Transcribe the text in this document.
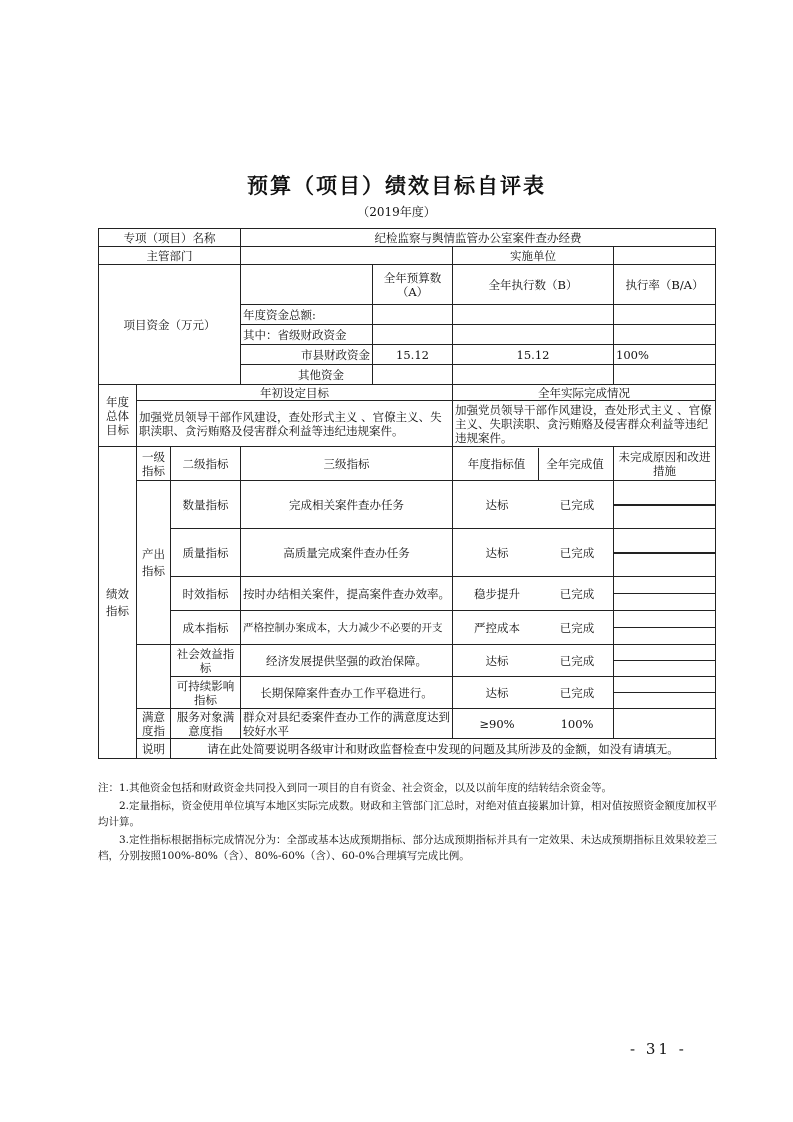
预算（项目）绩效目标自评表
（2019年度）
专项（项目）名称			纪检监察与舆情监管办公室案件查办经费			
主管部门					实施单位	
项目资金（万元）				全年预算数（A）	全年执行数（B）	执行率（B/A）
			年度资金总额:			
			其中：省级财政资金			
			市县财政资金	15.12	15.12	100%
			其他资金			
年度总体目标	年初设定目标				全年实际完成情况	
	加强党员领导干部作风建设，查处形式主义 、官僚主义、失职渎职、贪污贿赂及侵害群众利益等违纪违规案件。				加强党员领导干部作风建设，查处形式主义 、官僚主义、失职渎职、贪污贿赂及侵害群众利益等违纪违规案件。	
绩效指标	一级指标	二级指标	三级指标		年度指标值 全年完成值	未完成原因和改进措施
	产出指标	数量指标	完成相关案件查办任务		达标 已完成	

		质量指标	高质量完成案件查办任务		达标 已完成	

		时效指标	按时办结相关案件，提高案件查办效率。		稳步提升 已完成	

		成本指标	严格控制办案成本，大力减少不必要的开支		严控成本 已完成	

		社会效益指标	经济发展提供坚强的政治保障。		达标 已完成	

		可持续影响指标	长期保障案件查办工作平稳进行。		达标 已完成	

	满意度指	服务对象满意度指	群众对县纪委案件查办工作的满意度达到较好水平		≥90% 100%	

	说明	请在此处简要说明各级审计和财政监督检查中发现的问题及其所涉及的金额，如没有请填无。				

注：1.其他资金包括和财政资金共同投入到同一项目的自有资金、社会资金，以及以前年度的结转结余资金等。

2.定量指标，资金使用单位填写本地区实际完成数。财政和主管部门汇总时，对绝对值直接累加计算，相对值按照资金额度加权平均计算。

3.定性指标根据指标完成情况分为：全部或基本达成预期指标、部分达成预期指标并具有一定效果、未达成预期指标且效果较差三档，分别按照100%-80%（含）、80%-60%（含）、60-0%合理填写完成比例。

- 31 -
